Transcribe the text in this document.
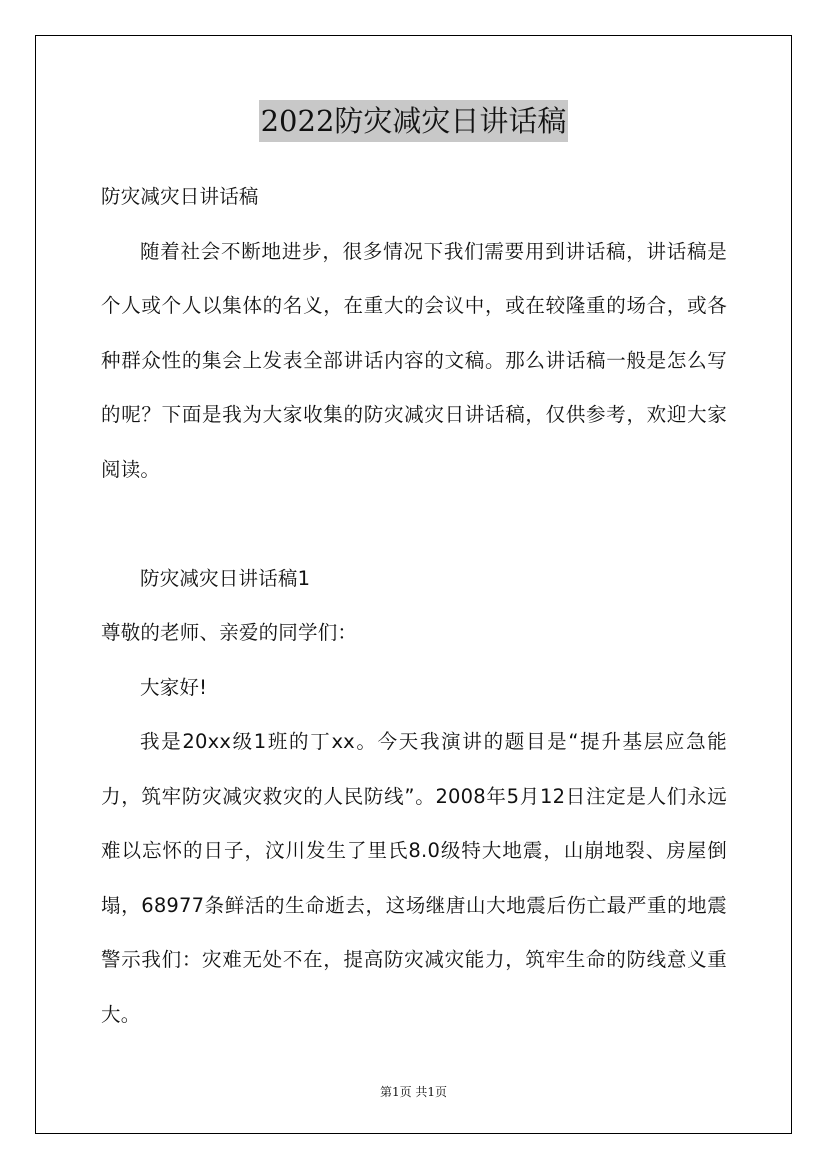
2022防灾减灾日讲话稿

防灾减灾日讲话稿

随着社会不断地进步，很多情况下我们需要用到讲话稿，讲话稿是个人或个人以集体的名义，在重大的会议中，或在较隆重的场合，或各种群众性的集会上发表全部讲话内容的文稿。那么讲话稿一般是怎么写的呢？下面是我为大家收集的防灾减灾日讲话稿，仅供参考，欢迎大家阅读。

防灾减灾日讲话稿1

尊敬的老师、亲爱的同学们：

大家好!

我是20xx级1班的丁xx。今天我演讲的题目是“提升基层应急能力，筑牢防灾减灾救灾的人民防线”。2008年5月12日注定是人们永远难以忘怀的日子，汶川发生了里氏8.0级特大地震，山崩地裂、房屋倒塌，68977条鲜活的生命逝去，这场继唐山大地震后伤亡最严重的地震警示我们：灾难无处不在，提高防灾减灾能力，筑牢生命的防线意义重大。

第1页 共1页
